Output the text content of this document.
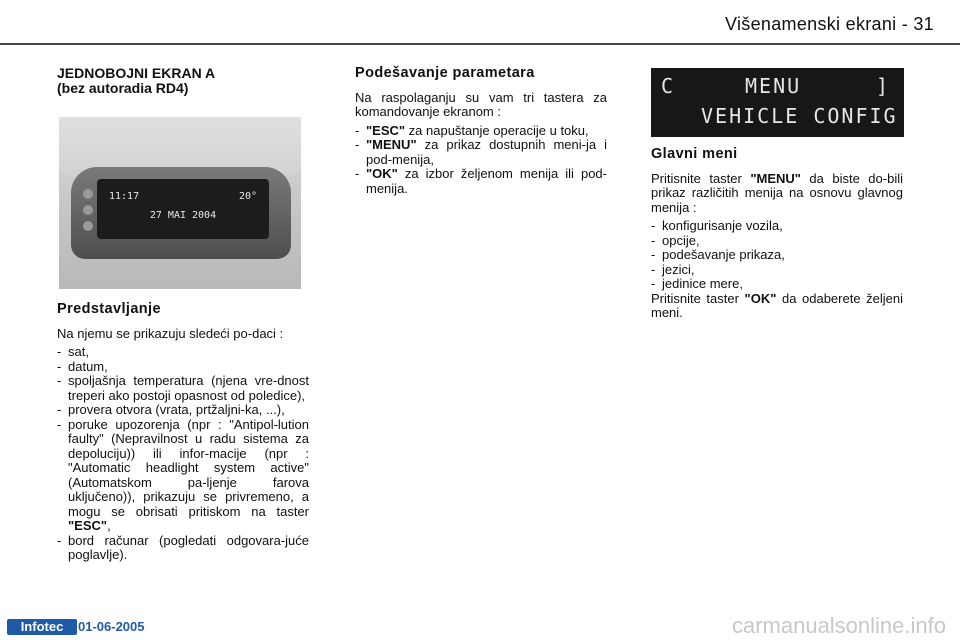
Višenamenski ekrani - 31
JEDNOBOJNI EKRAN A
(bez autoradia RD4)
11:17	20°
27 MAI 2004
Predstavljanje

Na njemu se prikazuju sledeći po-daci :

- sat,
- datum,
- spoljašnja temperatura (njena vre-dnost treperi ako postoji opasnost od poledice),
- provera otvora (vrata, prtžaljni-ka, ...),
- poruke upozorenja (npr : "Antipol-lution faulty" (Nepravilnost u radu sistema za depoluciju)) ili infor-macije (npr : "Automatic headlight system active" (Automatskom pa-ljenje farova uključeno)), prikazuju se privremeno, a mogu se obrisati pritiskom na taster "ESC",
- bord računar (pogledati odgovara-juće poglavlje).
Podešavanje parametara

Na raspolaganju su vam tri tastera za komandovanje ekranom :

- "ESC" za napuštanje operacije u toku,
- "MENU" za prikaz dostupnih meni-ja i pod-menija,
- "OK" za izbor željenom menija ili pod-menija.
C	MENU	]
VEHICLE CONFIG
Glavni meni

Pritisnite taster "MENU" da biste do-bili prikaz različitih menija na osnovu glavnog menija :

- konfigurisanje vozila,
- opcije,
- podešavanje prikaza,
- jezici,
- jedinice mere,

Pritisnite taster "OK" da odaberete željeni meni.

Infotec	01-06-2005	carmanualsonline.info
